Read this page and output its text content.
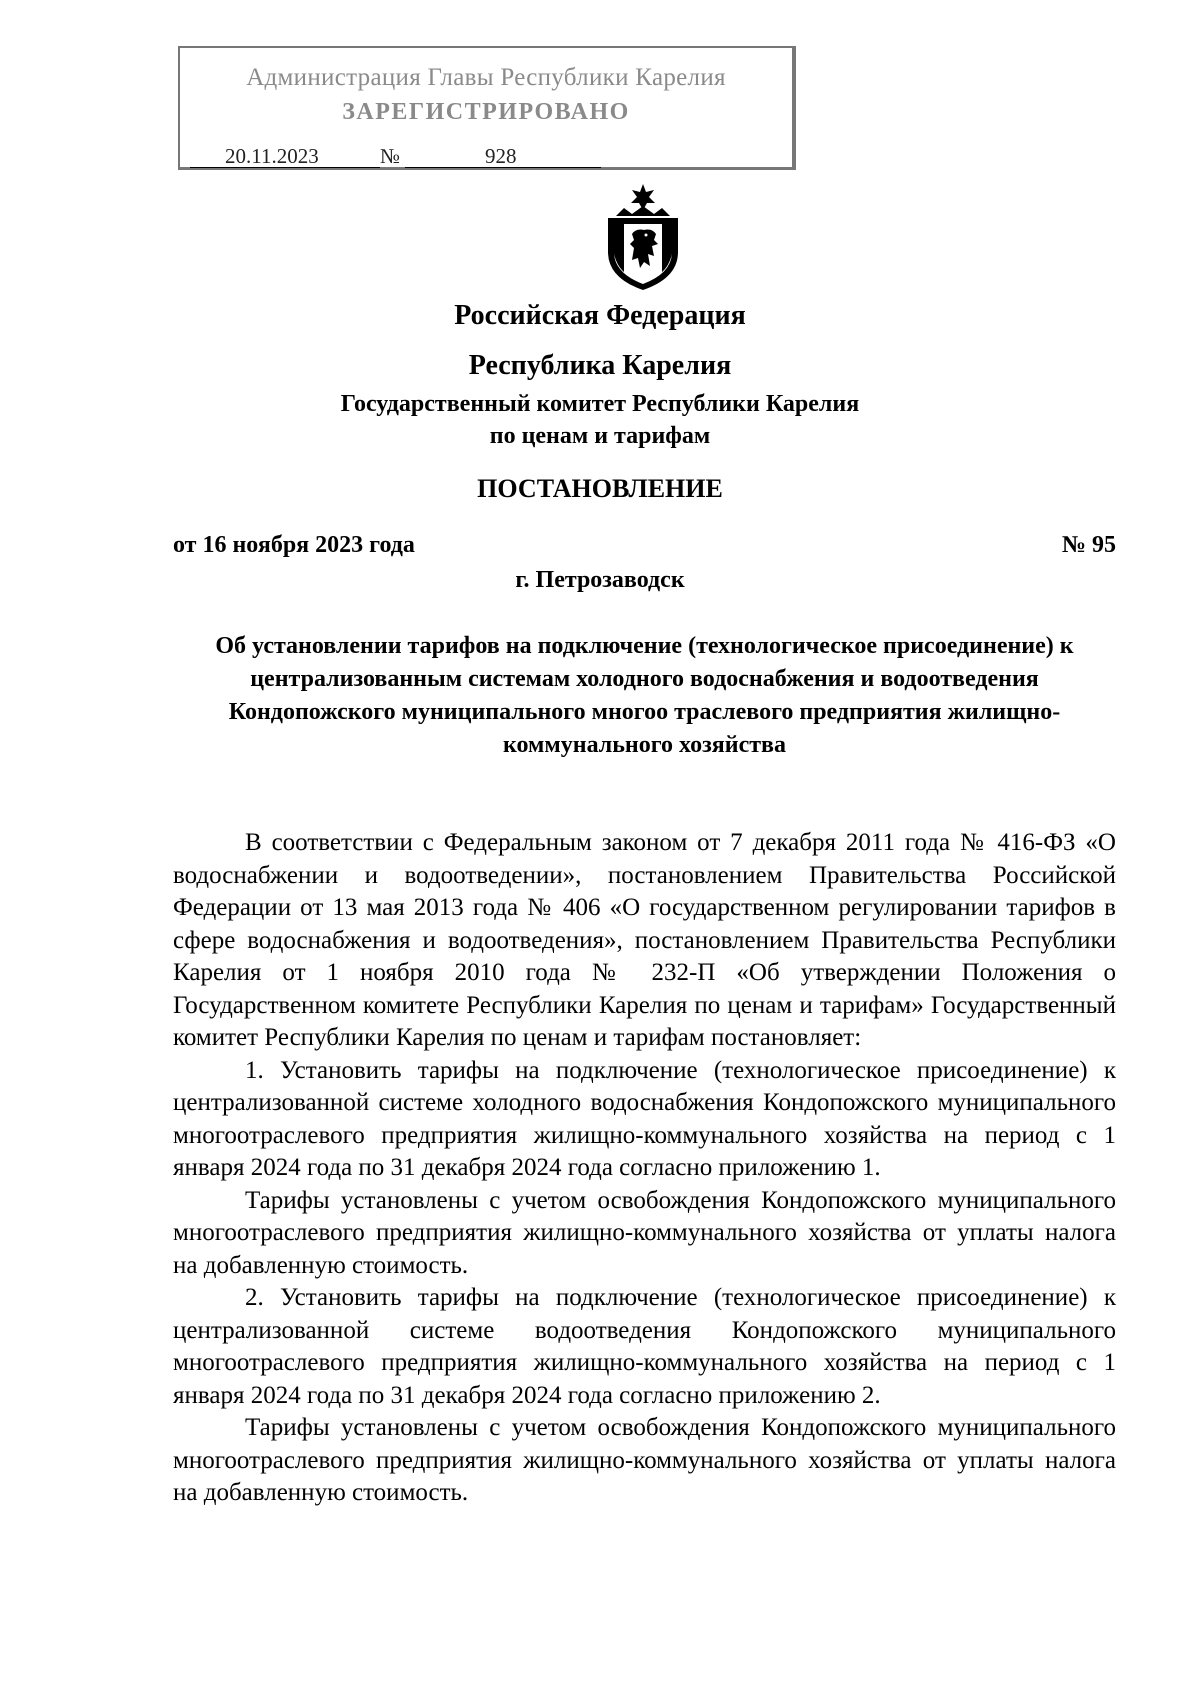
Администрация Главы Республики Карелия
ЗАРЕГИСТРИРОВАНО
20.11.2023	№	928
Российская Федерация
Республика Карелия
Государственный комитет Республики Карелия
по ценам и тарифам
ПОСТАНОВЛЕНИЕ
от 16 ноября 2023 года	№ 95
г. Петрозаводск
Об установлении тарифов на подключение (технологическое присоединение) к централизованным системам холодного водоснабжения и водоотведения Кондопожского муниципального многоо траслевого предприятия жилищно-коммунального хозяйства

В соответствии с Федеральным законом от 7 декабря 2011 года № 416-ФЗ «О водоснабжении и водоотведении», постановлением Правительства Российской Федерации от 13 мая 2013 года № 406 «О государственном регулировании тарифов в сфере водоснабжения и водоотведения», постановлением Правительства Республики Карелия от 1 ноября 2010 года № 232-П «Об утверждении Положения о Государственном комитете Республики Карелия по ценам и тарифам» Государственный комитет Республики Карелия по ценам и тарифам постановляет:

1. Установить тарифы на подключение (технологическое присоединение) к централизованной системе холодного водоснабжения Кондопожского муниципального многоотраслевого предприятия жилищно-коммунального хозяйства на период с 1 января 2024 года по 31 декабря 2024 года согласно приложению 1.

Тарифы установлены с учетом освобождения Кондопожского муниципального многоотраслевого предприятия жилищно-коммунального хозяйства от уплаты налога на добавленную стоимость.

2. Установить тарифы на подключение (технологическое присоединение) к централизованной системе водоотведения Кондопожского муниципального многоотраслевого предприятия жилищно-коммунального хозяйства на период с 1 января 2024 года по 31 декабря 2024 года согласно приложению 2.

Тарифы установлены с учетом освобождения Кондопожского муниципального многоотраслевого предприятия жилищно-коммунального хозяйства от уплаты налога на добавленную стоимость.
